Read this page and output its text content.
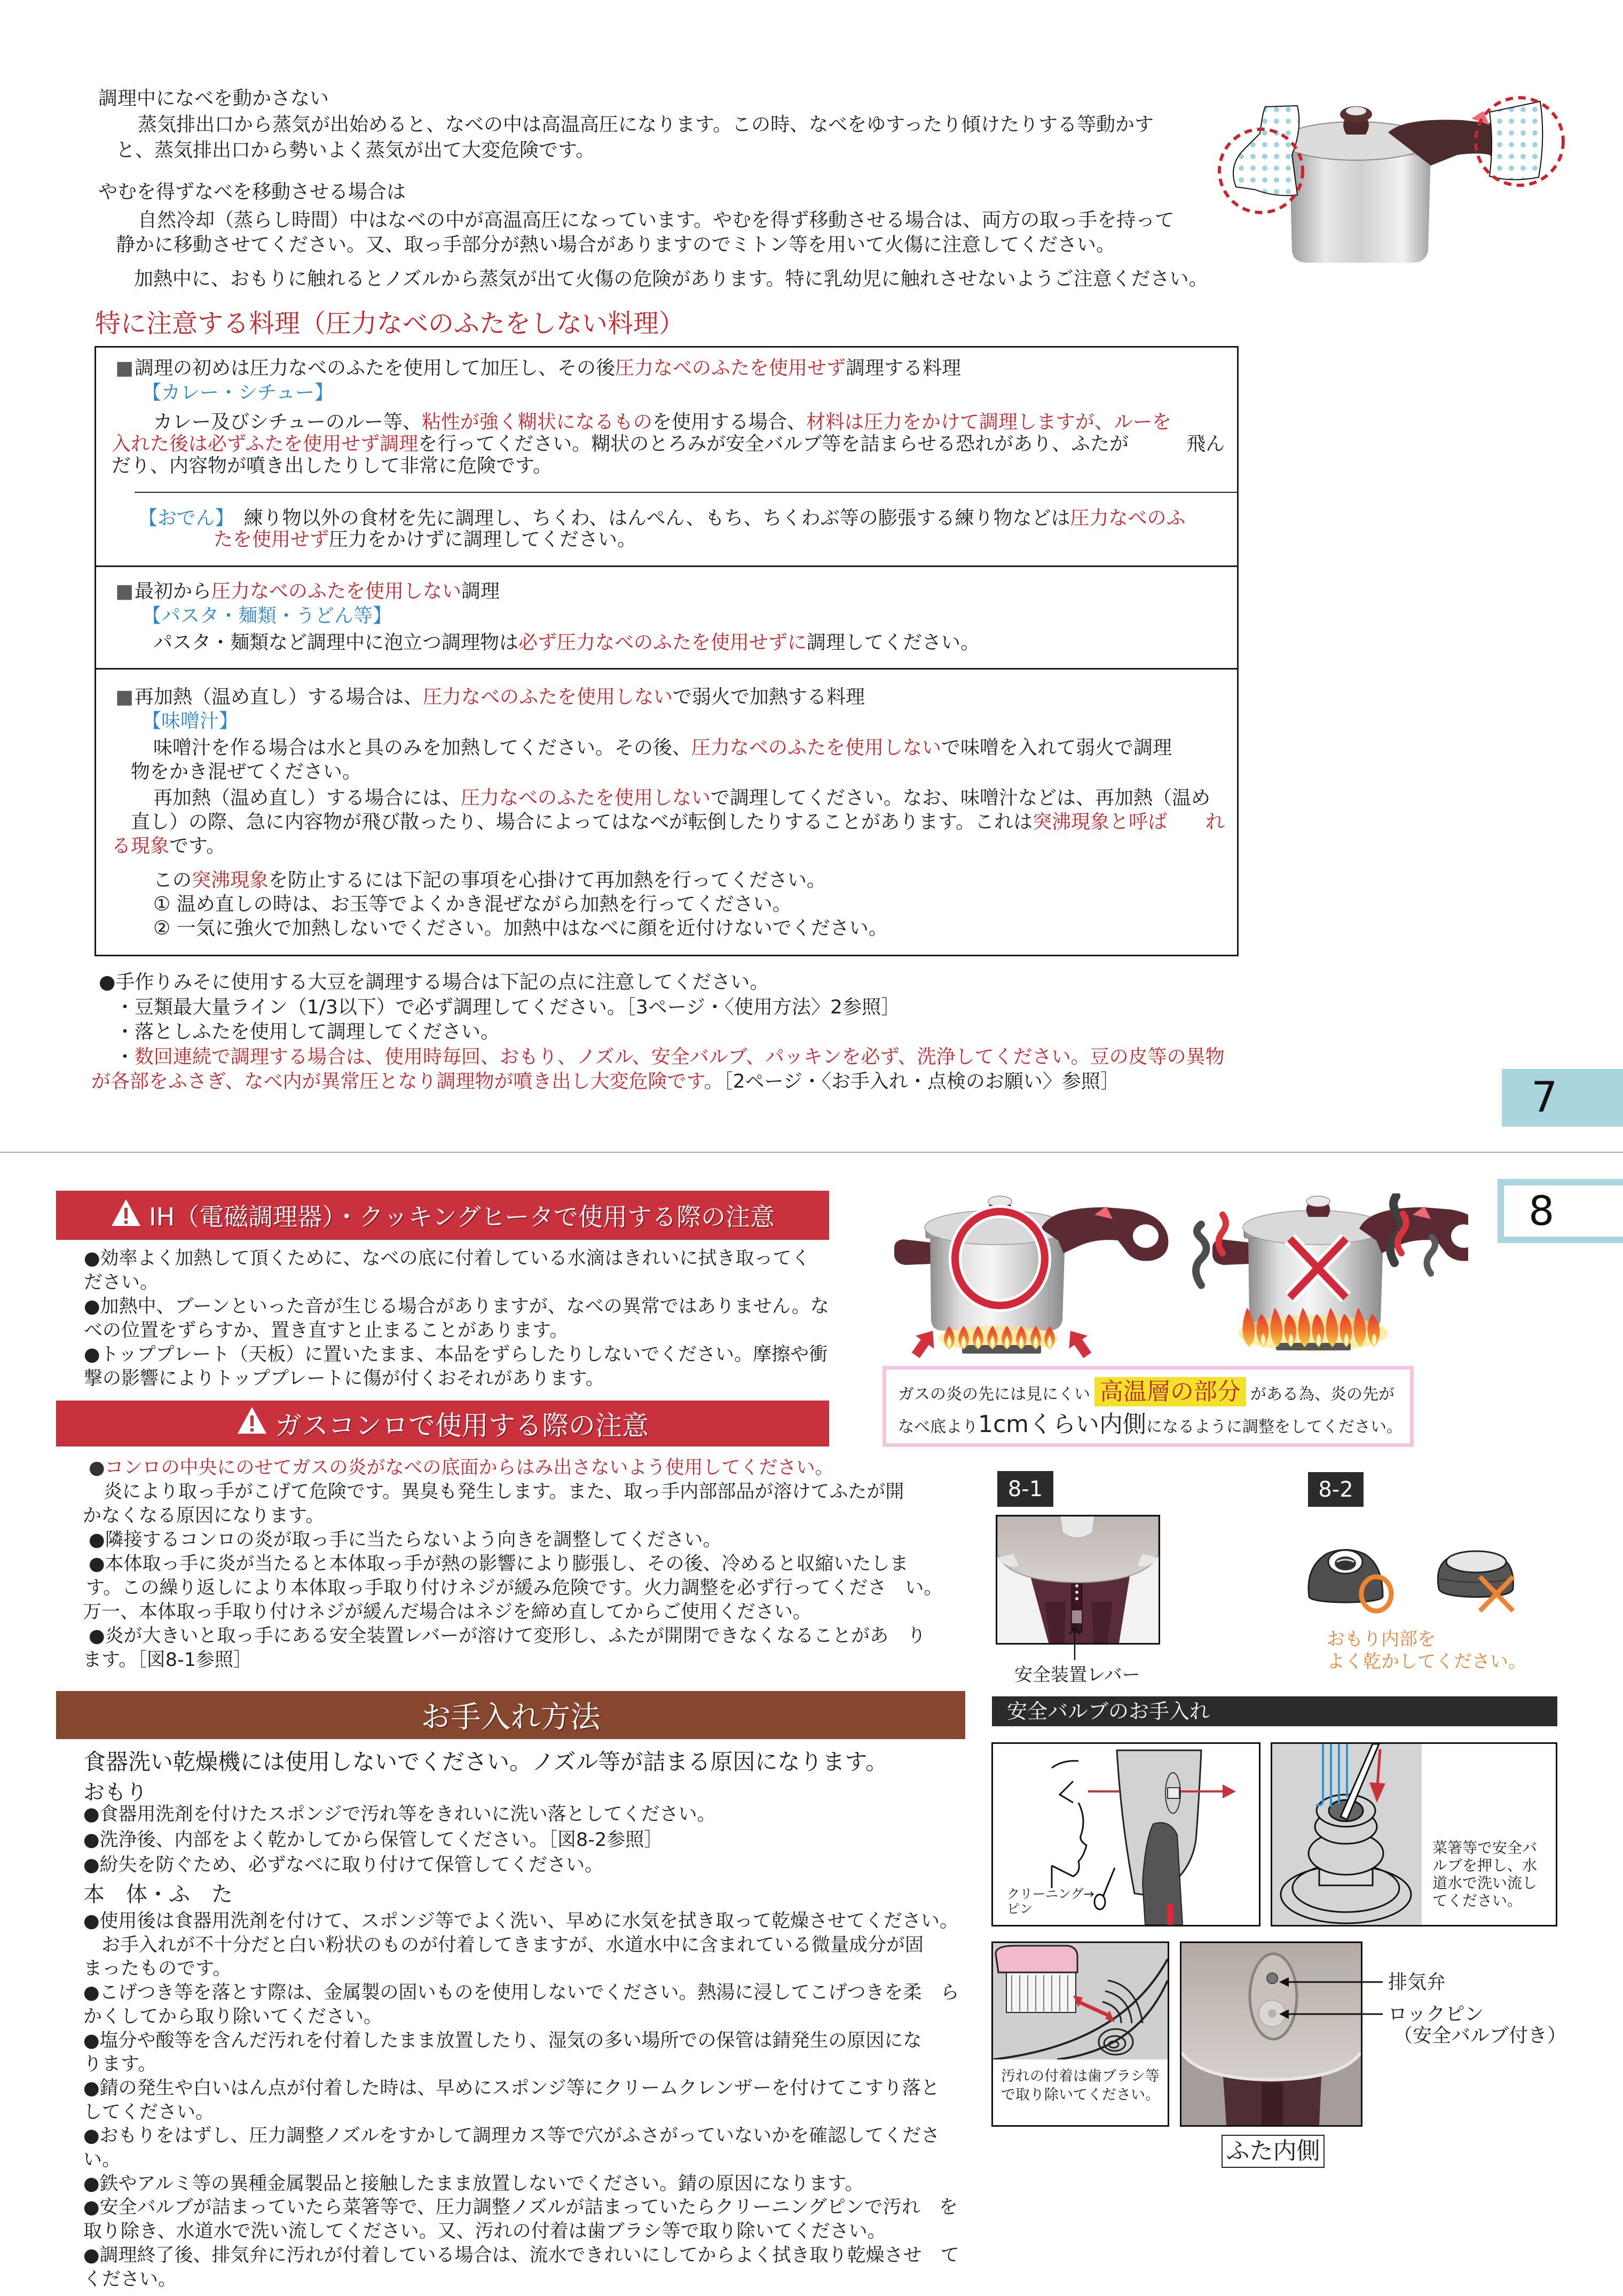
調理中になべを動かさない
蒸気排出口から蒸気が出始めると、なべの中は高温高圧になります。この時、なべをゆすったり傾けたりする等動かす
と、蒸気排出口から勢いよく蒸気が出て大変危険です。
やむを得ずなべを移動させる場合は
自然冷却（蒸らし時間）中はなべの中が高温高圧になっています。やむを得ず移動させる場合は、両方の取っ手を持って
静かに移動させてください。又、取っ手部分が熱い場合がありますのでミトン等を用いて火傷に注意してください。
加熱中に、おもりに触れるとノズルから蒸気が出て火傷の危険があります。特に乳幼児に触れさせないようご注意ください。
特に注意する料理（圧力なべのふたをしない料理）
■調理の初めは圧力なべのふたを使用して加圧し、その後圧力なべのふたを使用せず調理する料理
【カレー・シチュー】
カレー及びシチューのルー等、粘性が強く糊状になるものを使用する場合、材料は圧力をかけて調理しますが、ルーを
入れた後は必ずふたを使用せず調理を行ってください。糊状のとろみが安全バルブ等を詰まらせる恐れがあり、ふたが　　　飛ん
だり、内容物が噴き出したりして非常に危険です。
【おでん】　練り物以外の食材を先に調理し、ちくわ、はんぺん、もち、ちくわぶ等の膨張する練り物などは圧力なべのふ
たを使用せず圧力をかけずに調理してください。
■最初から圧力なべのふたを使用しない調理
【パスタ・麺類・うどん等】
パスタ・麺類など調理中に泡立つ調理物は必ず圧力なべのふたを使用せずに調理してください。
■再加熱（温め直し）する場合は、圧力なべのふたを使用しないで弱火で加熱する料理
【味噌汁】
味噌汁を作る場合は水と具のみを加熱してください。その後、圧力なべのふたを使用しないで味噌を入れて弱火で調理
物をかき混ぜてください。
再加熱（温め直し）する場合には、圧力なべのふたを使用しないで調理してください。なお、味噌汁などは、再加熱（温め
直し）の際、急に内容物が飛び散ったり、場合によってはなべが転倒したりすることがあります。これは突沸現象と呼ば　　れ
る現象です。
この突沸現象を防止するには下記の事項を心掛けて再加熱を行ってください。
① 温め直しの時は、お玉等でよくかき混ぜながら加熱を行ってください。
② 一気に強火で加熱しないでください。加熱中はなべに顔を近付けないでください。
●手作りみそに使用する大豆を調理する場合は下記の点に注意してください。
・豆類最大量ライン（1/3以下）で必ず調理してください。［3ページ・〈使用方法〉2参照］
・落としふたを使用して調理してください。
・数回連続で調理する場合は、使用時毎回、おもり、ノズル、安全バルブ、パッキンを必ず、洗浄してください。豆の皮等の異物
が各部をふさぎ、なべ内が異常圧となり調理物が噴き出し大変危険です。［2ページ・〈お手入れ・点検のお願い〉参照］	7
8
IH（電磁調理器）・クッキングヒータで使用する際の注意
●効率よく加熱して頂くために、なべの底に付着している水滴はきれいに拭き取ってく
ださい。
●加熱中、ブーンといった音が生じる場合がありますが、なべの異常ではありません。な
べの位置をずらすか、置き直すと止まることがあります。
●トッププレート（天板）に置いたまま、本品をずらしたりしないでください。摩擦や衝
撃の影響によりトッププレートに傷が付くおそれがあります。
ガスコンロで使用する際の注意
●コンロの中央にのせてガスの炎がなべの底面からはみ出さないよう使用してください。
炎により取っ手がこげて危険です。異臭も発生します。また、取っ手内部部品が溶けてふたが開
かなくなる原因になります。
●隣接するコンロの炎が取っ手に当たらないよう向きを調整してください。
●本体取っ手に炎が当たると本体取っ手が熱の影響により膨張し、その後、冷めると収縮いたしま
す。この繰り返しにより本体取っ手取り付けネジが緩み危険です。火力調整を必ず行ってくださ　い。
万一、本体取っ手取り付けネジが緩んだ場合はネジを締め直してからご使用ください。
●炎が大きいと取っ手にある安全装置レバーが溶けて変形し、ふたが開閉できなくなることがあ　り
ます。［図8-1参照］
ガスの炎の先には見にくい 高温層の部分 がある為、炎の先が
なべ底より1cmくらい内側になるように調整をしてください。
8-1
安全装置レバー
8-2
おもり内部を
よく乾かしてください。
安全バルブのお手入れ
クリーニング→
ピン
菜箸等で安全バ
ルブを押し、水
道水で洗い流し
てください。
汚れの付着は歯ブラシ等
で取り除いてください。
排気弁
ロックピン
（安全バルブ付き）
ふた内側
お手入れ方法
食器洗い乾燥機には使用しないでください。ノズル等が詰まる原因になります。
おもり
●食器用洗剤を付けたスポンジで汚れ等をきれいに洗い落としてください。
●洗浄後、内部をよく乾かしてから保管してください。［図8-2参照］
●紛失を防ぐため、必ずなべに取り付けて保管してください。
本　体・ふ　た
●使用後は食器用洗剤を付けて、スポンジ等でよく洗い、早めに水気を拭き取って乾燥させてください。
お手入れが不十分だと白い粉状のものが付着してきますが、水道水中に含まれている微量成分が固
まったものです。
●こげつき等を落とす際は、金属製の固いものを使用しないでください。熱湯に浸してこげつきを柔　ら
かくしてから取り除いてください。
●塩分や酸等を含んだ汚れを付着したまま放置したり、湿気の多い場所での保管は錆発生の原因にな
ります。
●錆の発生や白いはん点が付着した時は、早めにスポンジ等にクリームクレンザーを付けてこすり落と
してください。
●おもりをはずし、圧力調整ノズルをすかして調理カス等で穴がふさがっていないかを確認してくださ
い。
●鉄やアルミ等の異種金属製品と接触したまま放置しないでください。錆の原因になります。
●安全バルブが詰まっていたら菜箸等で、圧力調整ノズルが詰まっていたらクリーニングピンで汚れ　を
取り除き、水道水で洗い流してください。又、汚れの付着は歯ブラシ等で取り除いてください。
●調理終了後、排気弁に汚れが付着している場合は、流水できれいにしてからよく拭き取り乾燥させ　て
ください。
